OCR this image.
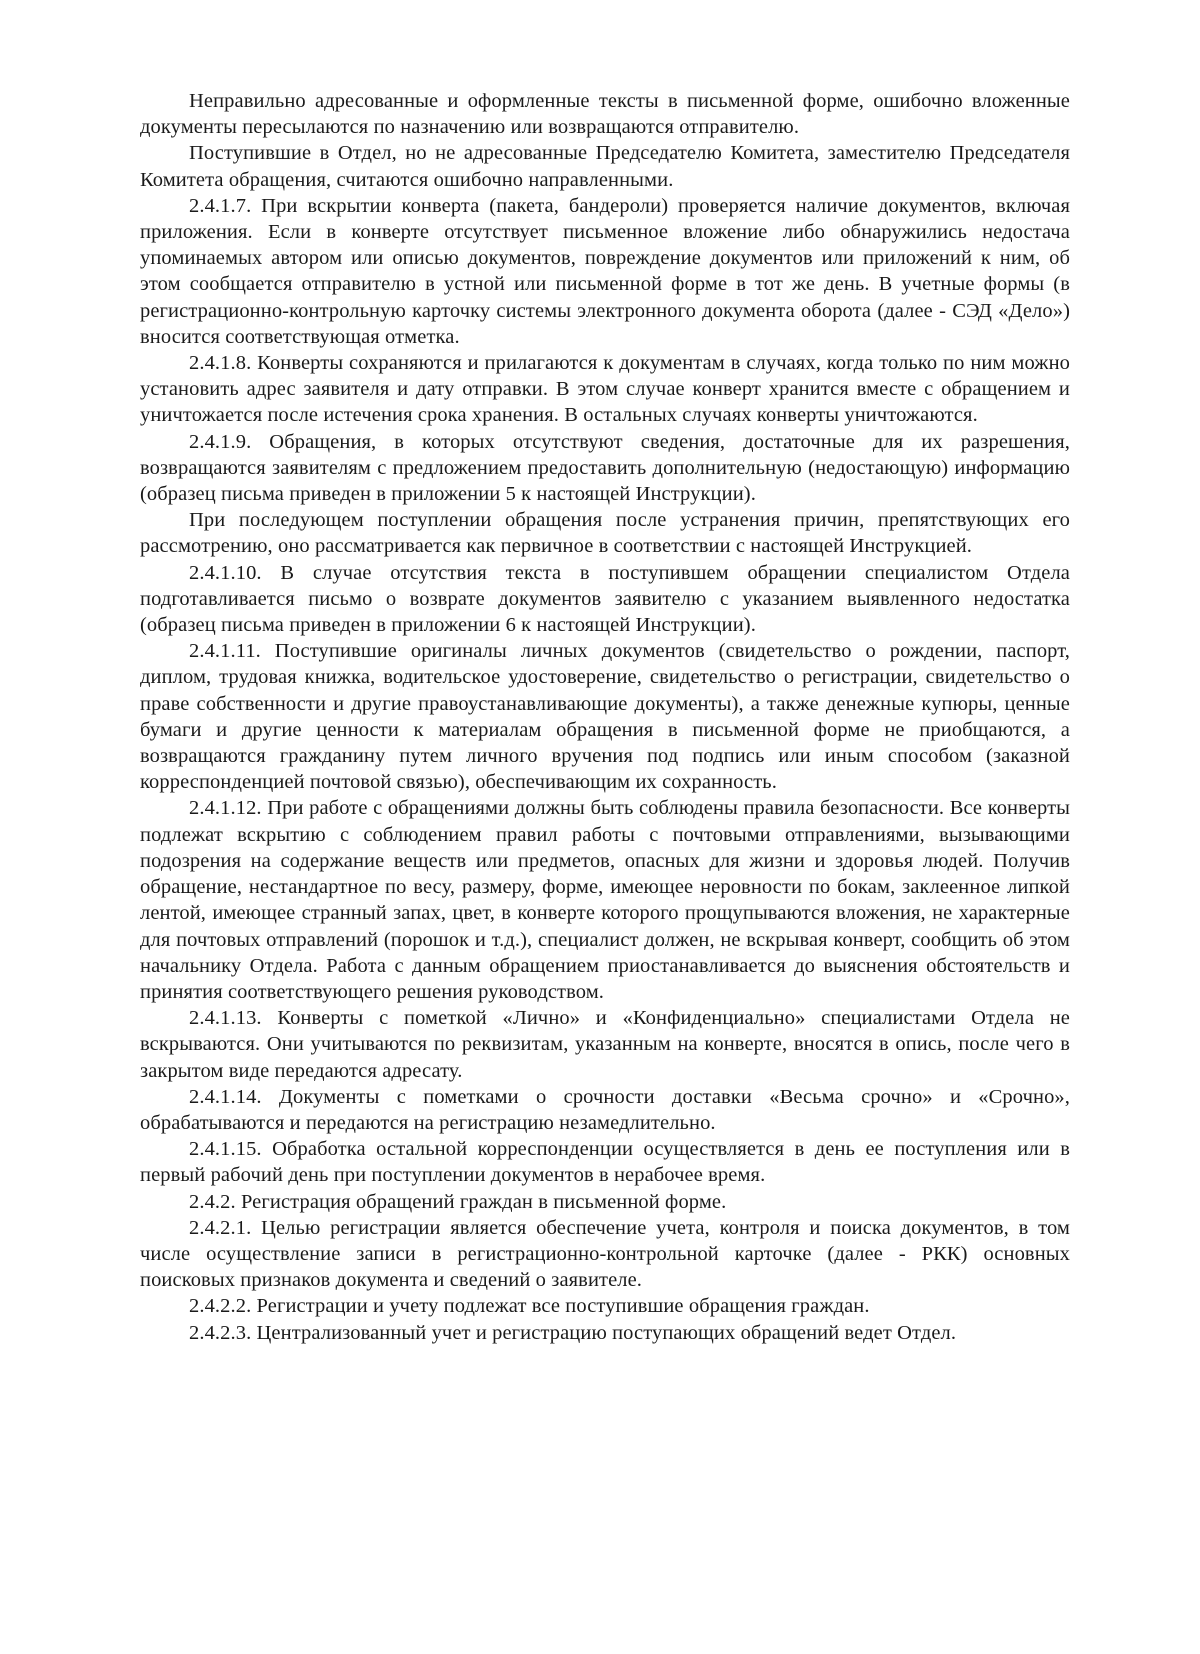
Неправильно адресованные и оформленные тексты в письменной форме, ошибочно вложенные документы пересылаются по назначению или возвращаются отправителю.

Поступившие в Отдел, но не адресованные Председателю Комитета, заместителю Председателя Комитета обращения, считаются ошибочно направленными.

2.4.1.7. При вскрытии конверта (пакета, бандероли) проверяется наличие документов, включая приложения. Если в конверте отсутствует письменное вложение либо обнаружились недостача упоминаемых автором или описью документов, повреждение документов или приложений к ним, об этом сообщается отправителю в устной или письменной форме в тот же день. В учетные формы (в регистрационно-контрольную карточку системы электронного документа оборота (далее - СЭД «Дело») вносится соответствующая отметка.

2.4.1.8. Конверты сохраняются и прилагаются к документам в случаях, когда только по ним можно установить адрес заявителя и дату отправки. В этом случае конверт хранится вместе с обращением и уничтожается после истечения срока хранения. В остальных случаях конверты уничтожаются.

2.4.1.9. Обращения, в которых отсутствуют сведения, достаточные для их разрешения, возвращаются заявителям с предложением предоставить дополнительную (недостающую) информацию (образец письма приведен в приложении 5 к настоящей Инструкции).

При последующем поступлении обращения после устранения причин, препятствующих его рассмотрению, оно рассматривается как первичное в соответствии с настоящей Инструкцией.

2.4.1.10. В случае отсутствия текста в поступившем обращении специалистом Отдела подготавливается письмо о возврате документов заявителю с указанием выявленного недостатка (образец письма приведен в приложении 6 к настоящей Инструкции).

2.4.1.11. Поступившие оригиналы личных документов (свидетельство о рождении, паспорт, диплом, трудовая книжка, водительское удостоверение, свидетельство о регистрации, свидетельство о праве собственности и другие правоустанавливающие документы), а также денежные купюры, ценные бумаги и другие ценности к материалам обращения в письменной форме не приобщаются, а возвращаются гражданину путем личного вручения под подпись или иным способом (заказной корреспонденцией почтовой связью), обеспечивающим их сохранность.

2.4.1.12. При работе с обращениями должны быть соблюдены правила безопасности. Все конверты подлежат вскрытию с соблюдением правил работы с почтовыми отправлениями, вызывающими подозрения на содержание веществ или предметов, опасных для жизни и здоровья людей. Получив обращение, нестандартное по весу, размеру, форме, имеющее неровности по бокам, заклеенное липкой лентой, имеющее странный запах, цвет, в конверте которого прощупываются вложения, не характерные для почтовых отправлений (порошок и т.д.), специалист должен, не вскрывая конверт, сообщить об этом начальнику Отдела. Работа с данным обращением приостанавливается до выяснения обстоятельств и принятия соответствующего решения руководством.

2.4.1.13. Конверты с пометкой «Лично» и «Конфиденциально» специалистами Отдела не вскрываются. Они учитываются по реквизитам, указанным на конверте, вносятся в опись, после чего в закрытом виде передаются адресату.

2.4.1.14. Документы с пометками о срочности доставки «Весьма срочно» и «Срочно», обрабатываются и передаются на регистрацию незамедлительно.

2.4.1.15. Обработка остальной корреспонденции осуществляется в день ее поступления или в первый рабочий день при поступлении документов в нерабочее время.

2.4.2. Регистрация обращений граждан в письменной форме.

2.4.2.1. Целью регистрации является обеспечение учета, контроля и поиска документов, в том числе осуществление записи в регистрационно-контрольной карточке (далее - РКК) основных поисковых признаков документа и сведений о заявителе.

2.4.2.2. Регистрации и учету подлежат все поступившие обращения граждан.

2.4.2.3. Централизованный учет и регистрацию поступающих обращений ведет Отдел.
